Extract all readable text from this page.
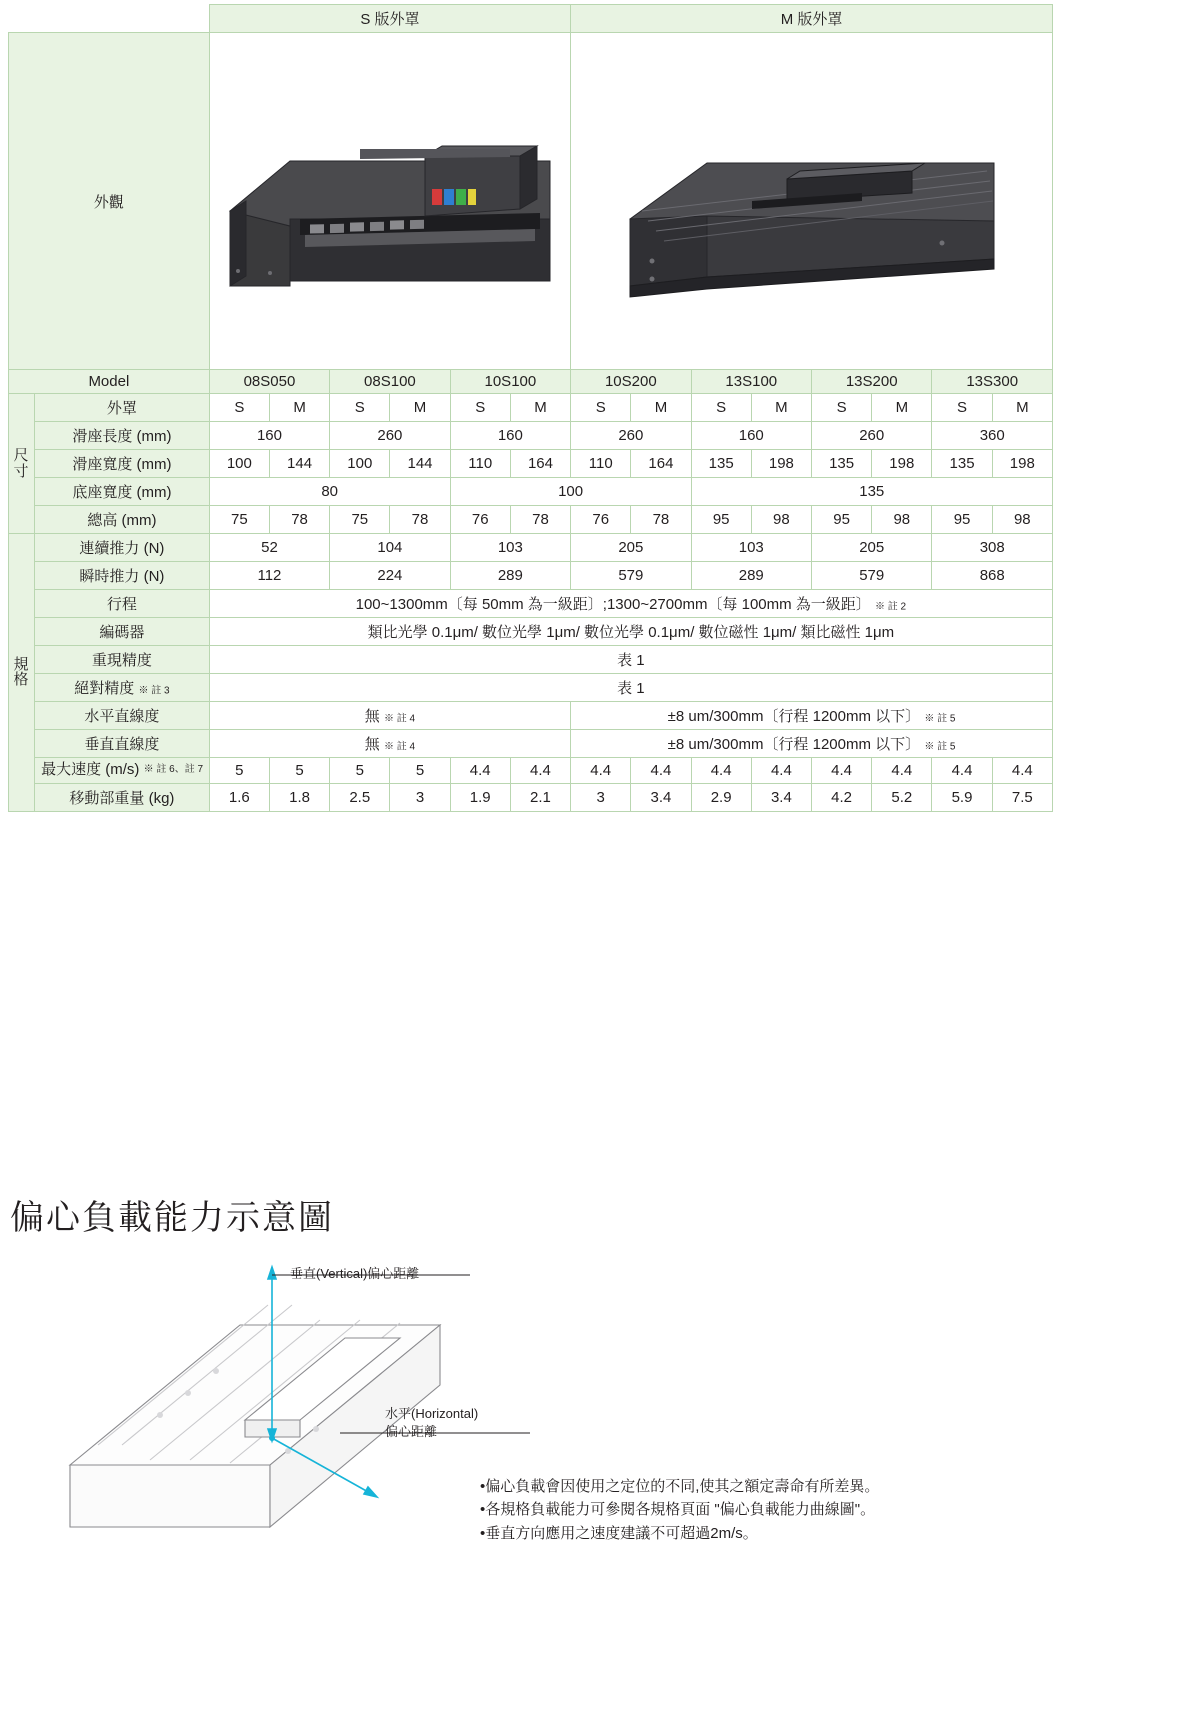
		S 版外罩						M 版外罩							
外觀	

Model		08S050		08S100		10S100		10S200		13S100		13S200		13S300	
尺寸	外罩	S	M	S	M	S	M	S	M	S	M	S	M	S	M
	滑座長度 (mm)	160		260		160		260		160		260		360	
	滑座寬度 (mm)	100	144	100	144	110	164	110	164	135	198	135	198	135	198
	底座寬度 (mm)	80				100				135					
	總高 (mm)	75	78	75	78	76	78	76	78	95	98	95	98	95	98
規格	連續推力 (N)	52		104		103		205		103		205		308	
	瞬時推力 (N)	112		224		289		579		289		579		868	
	行程	100~1300mm〔每 50mm 為一級距〕;1300~2700mm〔每 100mm 為一級距〕 ※ 註 2													
	編碼器	類比光學 0.1μm/ 數位光學 1μm/ 數位光學 0.1μm/ 數位磁性 1μm/ 類比磁性 1μm													
	重現精度	表 1													
	絕對精度 ※ 註 3	表 1													
	水平直線度	無 ※ 註 4						±8 um/300mm〔行程 1200mm 以下〕 ※ 註 5							
	垂直直線度	無 ※ 註 4						±8 um/300mm〔行程 1200mm 以下〕 ※ 註 5							
	最大速度 (m/s) ※ 註 6、註 7	5	5	5	5	4.4	4.4	4.4	4.4	4.4	4.4	4.4	4.4	4.4	4.4
	移動部重量 (kg)	1.6	1.8	2.5	3	1.9	2.1	3	3.4	2.9	3.4	4.2	5.2	5.9	7.5
偏心負載能力示意圖
垂直(Vertical)偏心距離
水平(Horizontal)
偏心距離
•偏心負載會因使用之定位的不同,使其之額定壽命有所差異。
•各規格負載能力可參閱各規格頁面 "偏心負載能力曲線圖"。
•垂直方向應用之速度建議不可超過2m/s。
